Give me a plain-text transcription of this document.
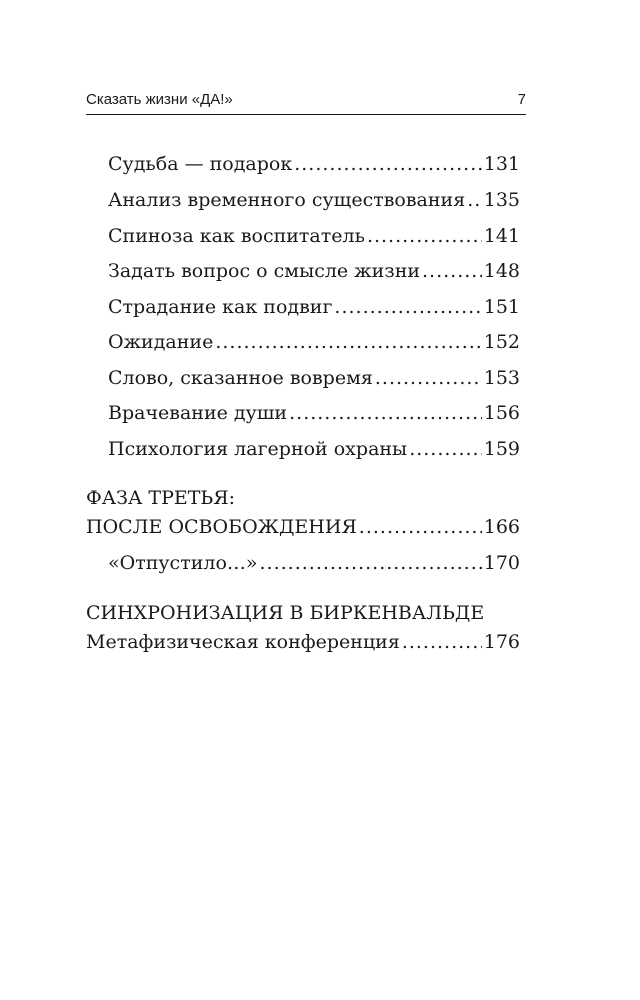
Сказать жизни «ДА!»	7
Судьба — подарок .....	131
Анализ временного существования ..... 135
Спиноза как воспитатель .....	141
Задать вопрос о смысле жизни .....	148
Страдание как подвиг .....	151
Ожидание .....	152
Слово, сказанное вовремя .....	153
Врачевание души .....	156
Психология лагерной охраны .....	159
ФАЗА ТРЕТЬЯ:
ПОСЛЕ ОСВОБОЖДЕНИЯ .....	166
«Отпустило…» .....	170
СИНХРОНИЗАЦИЯ В БИРКЕНВАЛЬДЕ
Метафизическая конференция .....	176
